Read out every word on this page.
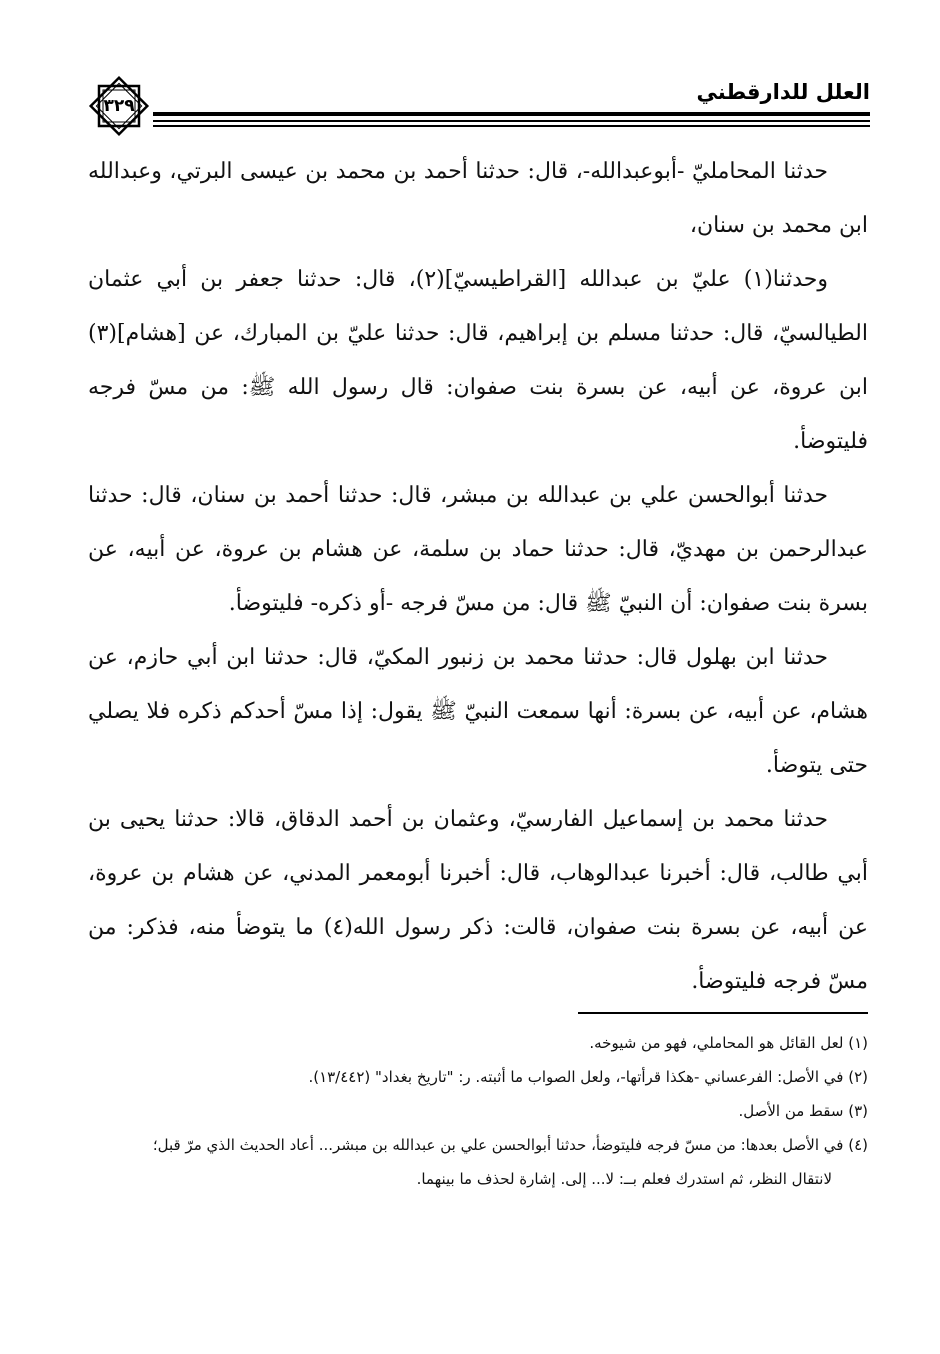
٣٢٩
العلل للدارقطني

حدثنا المحامليّ -أبوعبدالله-، قال: حدثنا أحمد بن محمد بن عيسى البرتي، وعبدالله ابن محمد بن سنان،

وحدثنا(١) عليّ بن عبدالله [القراطيسيّ](٢)، قال: حدثنا جعفر بن أبي عثمان الطيالسيّ، قال: حدثنا مسلم بن إبراهيم، قال: حدثنا عليّ بن المبارك، عن [هشام](٣) ابن عروة، عن أبيه، عن بسرة بنت صفوان: قال رسول الله ﷺ: من مسّ فرجه فليتوضأ.

حدثنا أبوالحسن علي بن عبدالله بن مبشر، قال: حدثنا أحمد بن سنان، قال: حدثنا عبدالرحمن بن مهديّ، قال: حدثنا حماد بن سلمة، عن هشام بن عروة، عن أبيه، عن بسرة بنت صفوان: أن النبيّ ﷺ قال: من مسّ فرجه -أو ذكره- فليتوضأ.

حدثنا ابن بهلول قال: حدثنا محمد بن زنبور المكيّ، قال: حدثنا ابن أبي حازم، عن هشام، عن أبيه، عن بسرة: أنها سمعت النبيّ ﷺ يقول: إذا مسّ أحدكم ذكره فلا يصلي حتى يتوضأ.

حدثنا محمد بن إسماعيل الفارسيّ، وعثمان بن أحمد الدقاق، قالا: حدثنا يحيى بن أبي طالب، قال: أخبرنا عبدالوهاب، قال: أخبرنا أبومعمر المدني، عن هشام بن عروة، عن أبيه، عن بسرة بنت صفوان، قالت: ذكر رسول الله(٤) ما يتوضأ منه، فذكر: من مسّ فرجه فليتوضأ.

(١) لعل القائل هو المحاملي، فهو من شيوخه.

(٢) في الأصل: الفرعساني -هكذا قرأتها-، ولعل الصواب ما أثبته. ر: "تاريخ بغداد" (١٣/٤٤٢).

(٣) سقط من الأصل.

(٤) في الأصل بعدها: من مسّ فرجه فليتوضأ، حدثنا أبوالحسن علي بن عبدالله بن مبشر... أعاد الحديث الذي مرّ قبل؛

لانتقال النظر، ثم استدرك فعلم بــ: لا... إلى. إشارة لحذف ما بينهما.
